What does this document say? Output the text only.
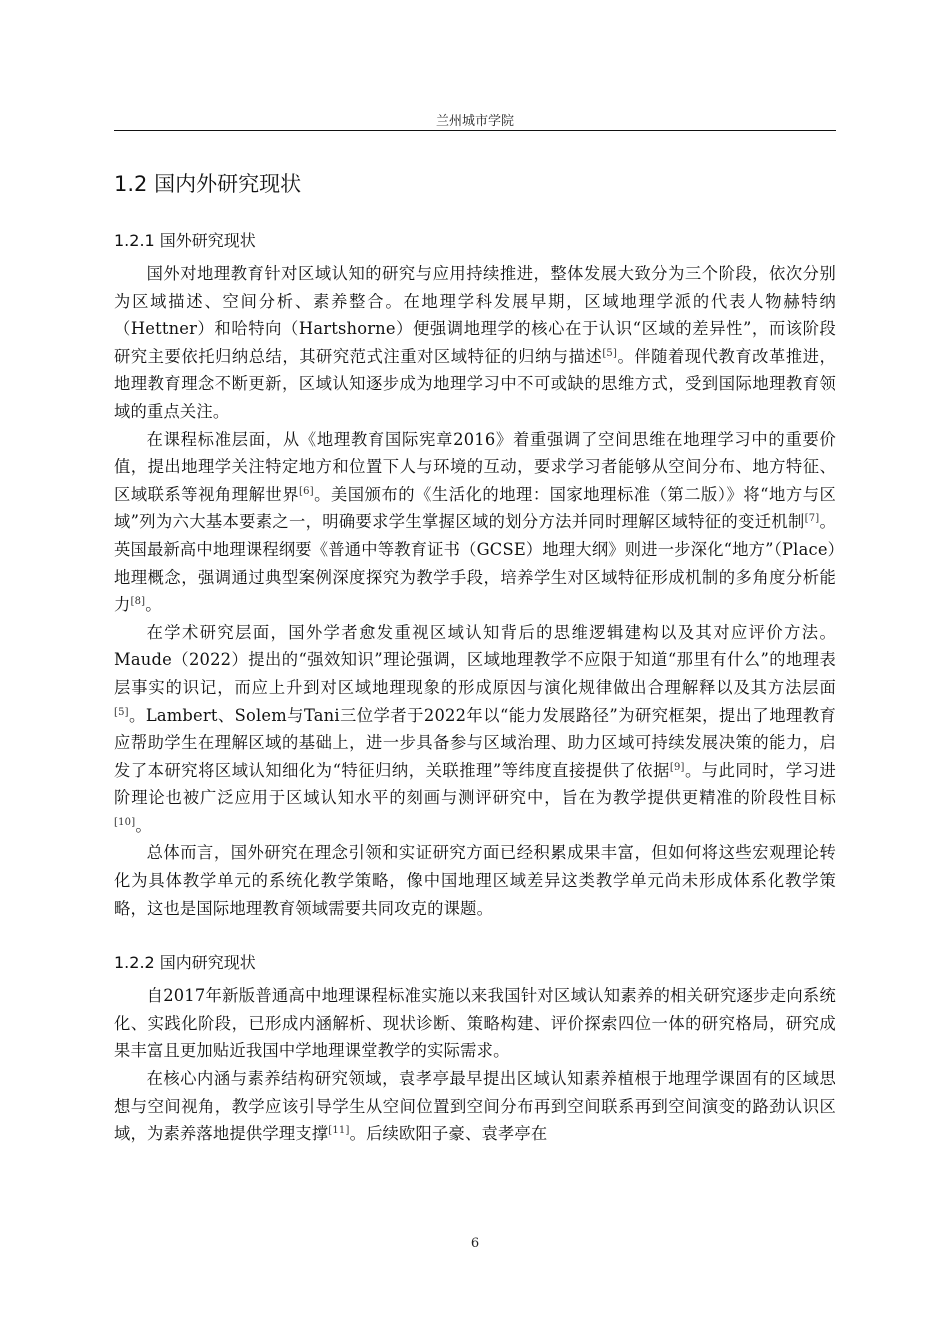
兰州城市学院
1.2 国内外研究现状
1.2.1 国外研究现状

国外对地理教育针对区域认知的研究与应用持续推进，整体发展大致分为三个阶段，依次分别为区域描述、空间分析、素养整合。在地理学科发展早期，区域地理学派的代表人物赫特纳（Hettner）和哈特向（Hartshorne）便强调地理学的核心在于认识“区域的差异性”，而该阶段研究主要依托归纳总结，其研究范式注重对区域特征的归纳与描述[5]。伴随着现代教育改革推进，地理教育理念不断更新，区域认知逐步成为地理学习中不可或缺的思维方式，受到国际地理教育领域的重点关注。

在课程标准层面，从《地理教育国际宪章2016》着重强调了空间思维在地理学习中的重要价值，提出地理学关注特定地方和位置下人与环境的互动，要求学习者能够从空间分布、地方特征、区域联系等视角理解世界[6]。美国颁布的《生活化的地理：国家地理标准（第二版）》将“地方与区域”列为六大基本要素之一，明确要求学生掌握区域的划分方法并同时理解区域特征的变迁机制[7]。英国最新高中地理课程纲要《普通中等教育证书（GCSE）地理大纲》则进一步深化“地方”（Place）地理概念，强调通过典型案例深度探究为教学手段，培养学生对区域特征形成机制的多角度分析能力[8]。

在学术研究层面，国外学者愈发重视区域认知背后的思维逻辑建构以及其对应评价方法。Maude（2022）提出的“强效知识”理论强调，区域地理教学不应限于知道“那里有什么”的地理表层事实的识记，而应上升到对区域地理现象的形成原因与演化规律做出合理解释以及其方法层面[5]。Lambert、Solem与Tani三位学者于2022年以“能力发展路径”为研究框架，提出了地理教育应帮助学生在理解区域的基础上，进一步具备参与区域治理、助力区域可持续发展决策的能力，启发了本研究将区域认知细化为“特征归纳，关联推理”等纬度直接提供了依据[9]。与此同时，学习进阶理论也被广泛应用于区域认知水平的刻画与测评研究中，旨在为教学提供更精准的阶段性目标[10]。

总体而言，国外研究在理念引领和实证研究方面已经积累成果丰富，但如何将这些宏观理论转化为具体教学单元的系统化教学策略，像中国地理区域差异这类教学单元尚未形成体系化教学策略，这也是国际地理教育领域需要共同攻克的课题。

1.2.2 国内研究现状

自2017年新版普通高中地理课程标准实施以来我国针对区域认知素养的相关研究逐步走向系统化、实践化阶段，已形成内涵解析、现状诊断、策略构建、评价探索四位一体的研究格局，研究成果丰富且更加贴近我国中学地理课堂教学的实际需求。

在核心内涵与素养结构研究领域，袁孝亭最早提出区域认知素养植根于地理学课固有的区域思想与空间视角，教学应该引导学生从空间位置到空间分布再到空间联系再到空间演变的路劲认识区域，为素养落地提供学理支撑[11]。后续欧阳子豪、袁孝亭在

6
